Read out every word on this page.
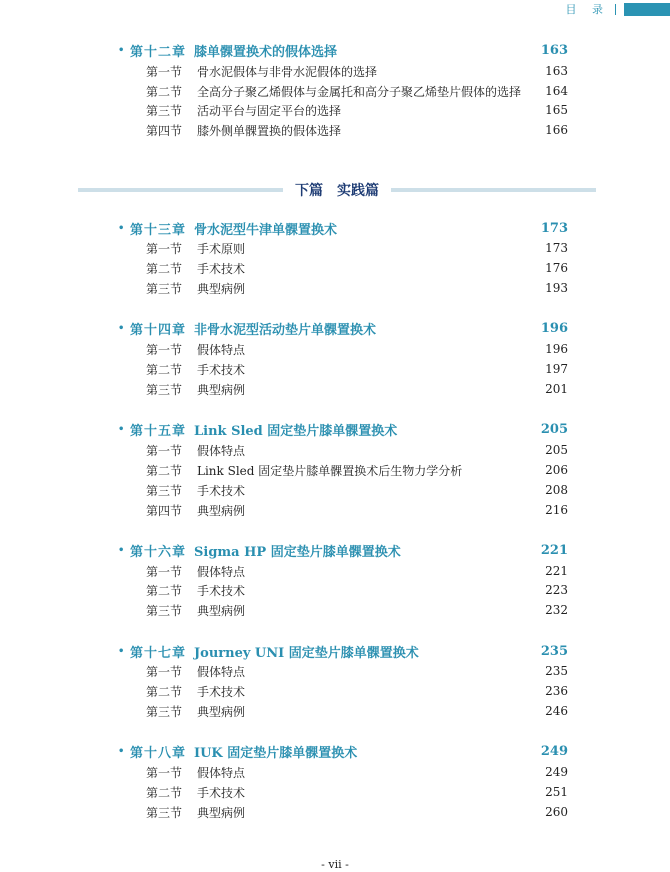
目 录
• 第十二章 膝单髁置换术的假体选择	163
第一节	骨水泥假体与非骨水泥假体的选择	163
第二节	全高分子聚乙烯假体与金属托和高分子聚乙烯垫片假体的选择	164
第三节	活动平台与固定平台的选择	165
第四节	膝外侧单髁置换的假体选择	166
下篇　实践篇
• 第十三章 骨水泥型牛津单髁置换术	173
第一节	手术原则	173
第二节	手术技术	176
第三节	典型病例	193
• 第十四章 非骨水泥型活动垫片单髁置换术	196
第一节	假体特点	196
第二节	手术技术	197
第三节	典型病例	201
• 第十五章 Link Sled 固定垫片膝单髁置换术	205
第一节	假体特点	205
第二节	Link Sled 固定垫片膝单髁置换术后生物力学分析	206
第三节	手术技术	208
第四节	典型病例	216
• 第十六章 Sigma HP 固定垫片膝单髁置换术	221
第一节	假体特点	221
第二节	手术技术	223
第三节	典型病例	232
• 第十七章 Journey UNI 固定垫片膝单髁置换术	235
第一节	假体特点	235
第二节	手术技术	236
第三节	典型病例	246
• 第十八章 IUK 固定垫片膝单髁置换术	249
第一节	假体特点	249
第二节	手术技术	251
第三节	典型病例	260
- vii -
